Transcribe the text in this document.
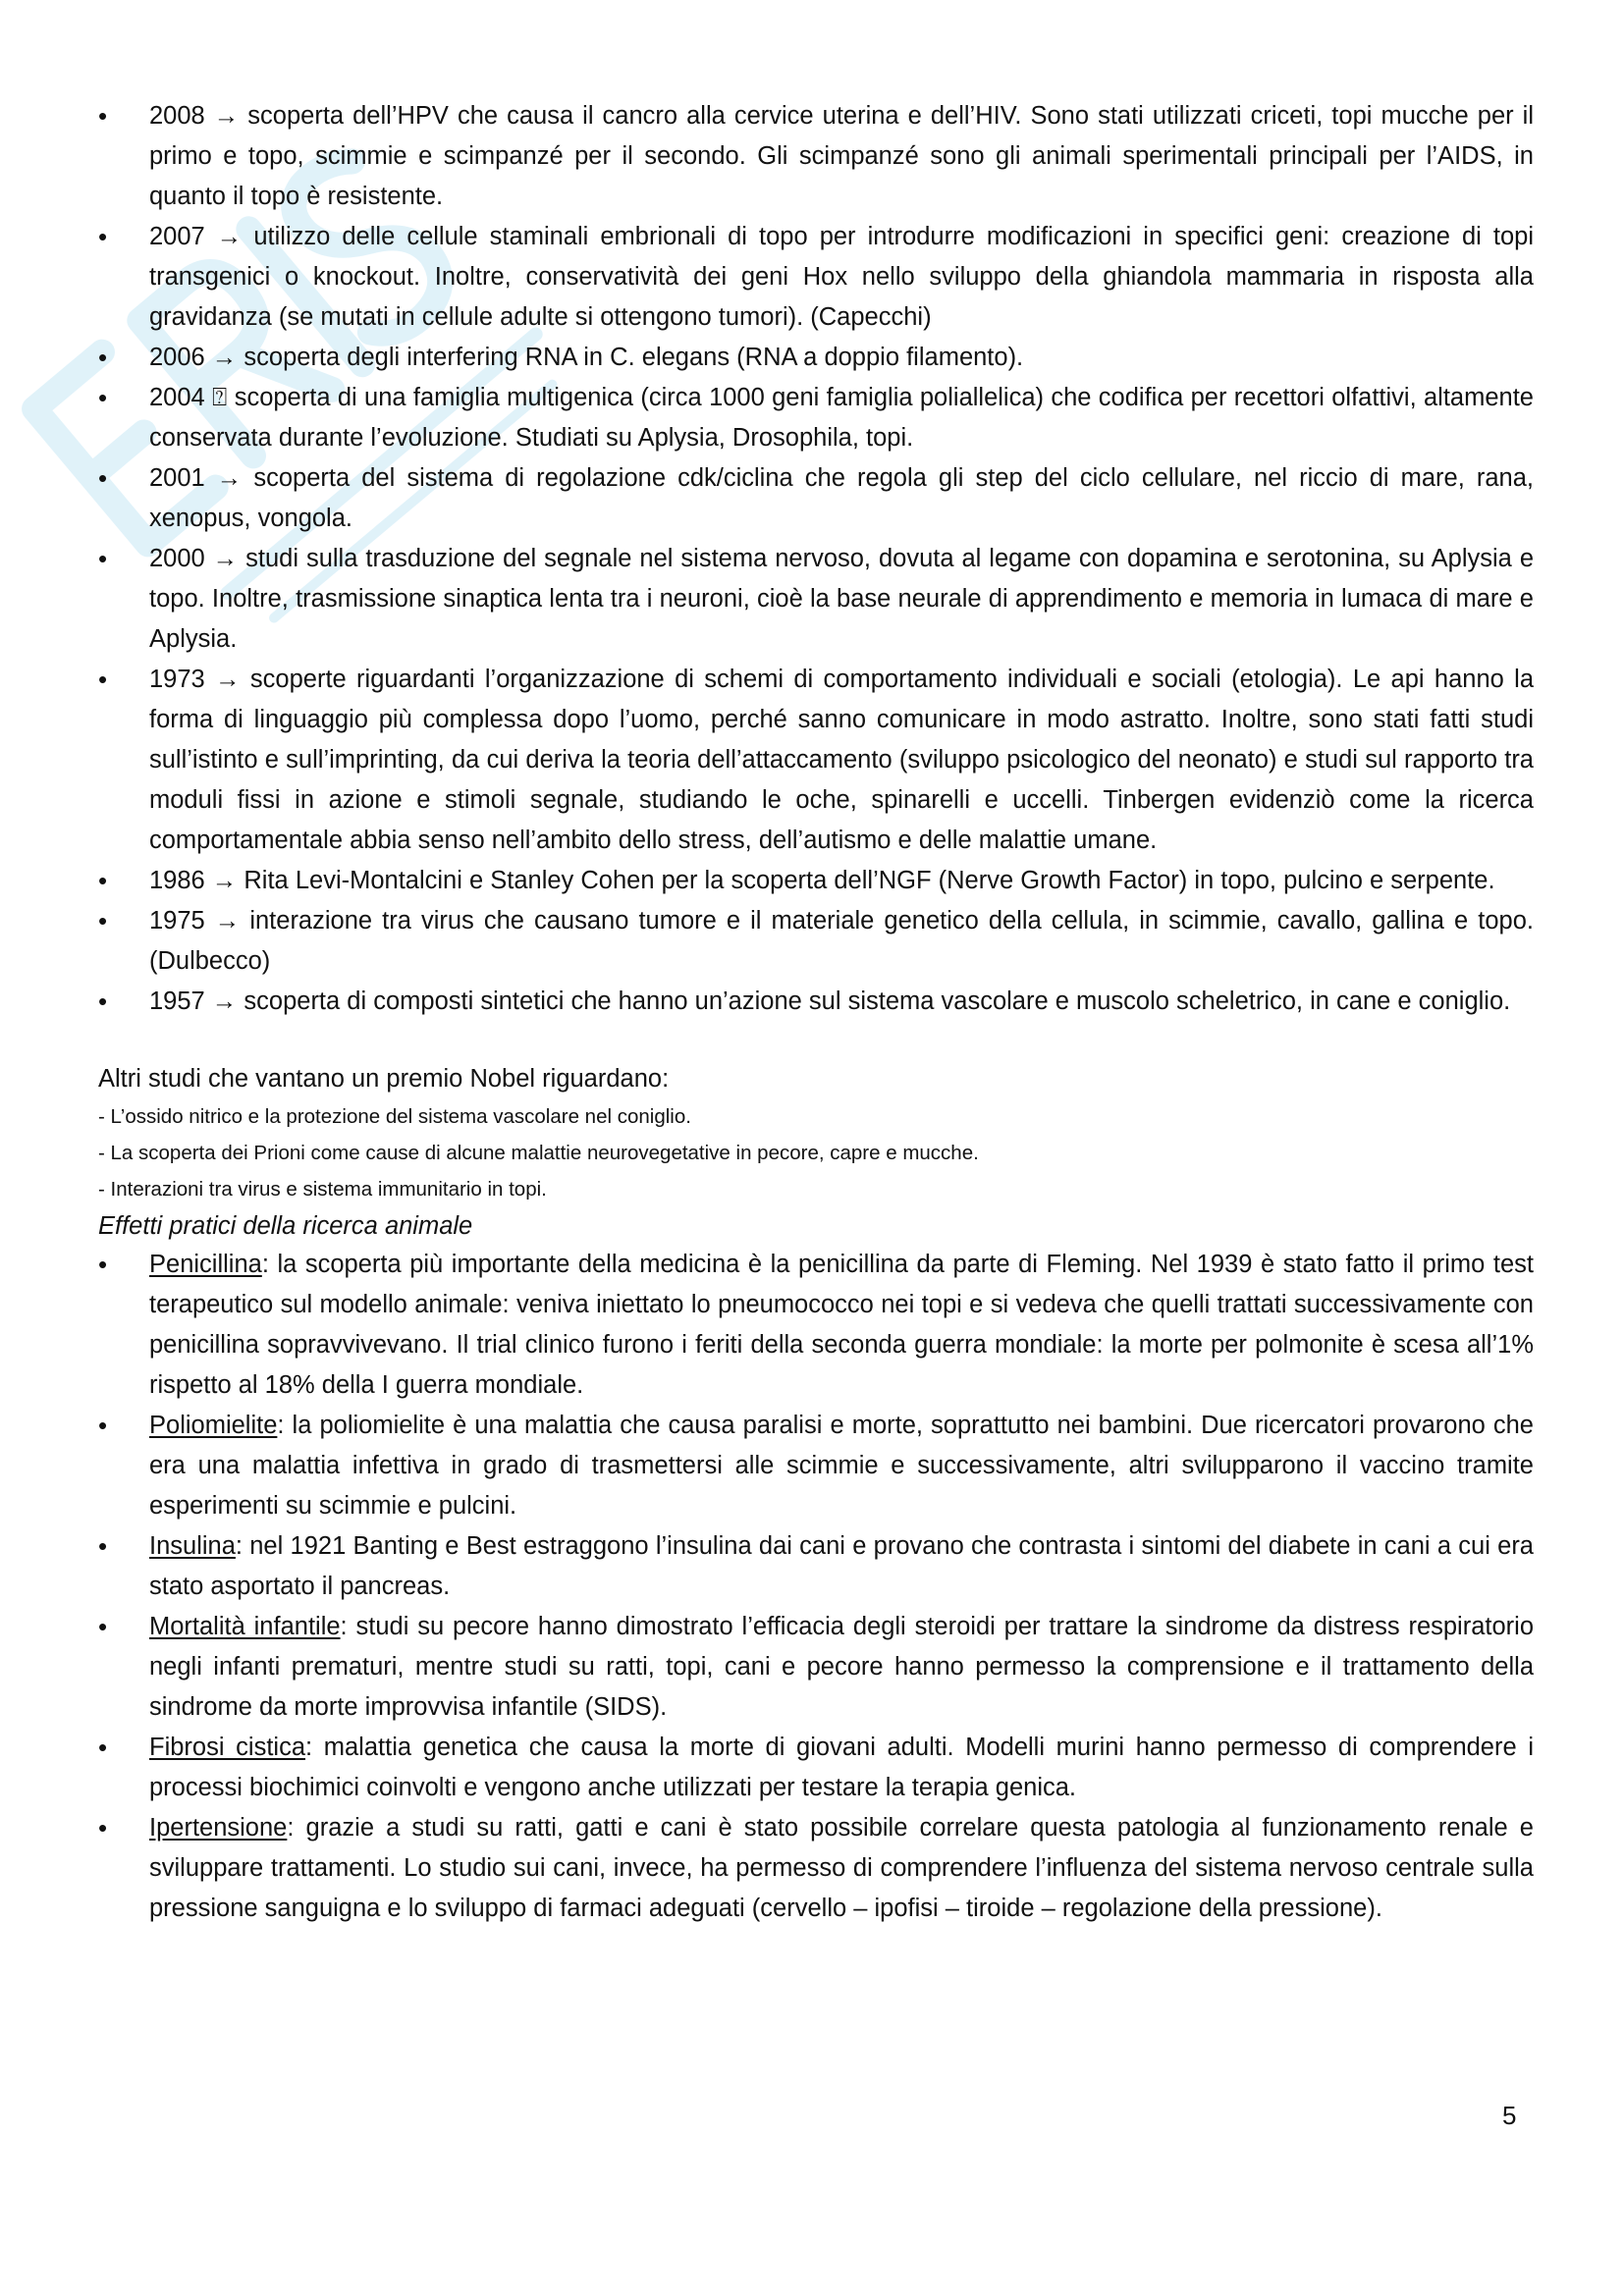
• 2008 → scoperta dell’HPV che causa il cancro alla cervice uterina e dell’HIV. Sono stati utilizzati criceti, topi mucche per il primo e topo, scimmie e scimpanzé per il secondo. Gli scimpanzé sono gli animali sperimentali principali per l’AIDS, in quanto il topo è resistente.
• 2007 → utilizzo delle cellule staminali embrionali di topo per introdurre modificazioni in specifici geni: creazione di topi transgenici o knockout. Inoltre, conservatività dei geni Hox nello sviluppo della ghiandola mammaria in risposta alla gravidanza (se mutati in cellule adulte si ottengono tumori). (Capecchi)
• 2006 → scoperta degli interfering RNA in C. elegans (RNA a doppio filamento).
• 2004 ⍰ scoperta di una famiglia multigenica (circa 1000 geni famiglia poliallelica) che codifica per recettori olfattivi, altamente conservata durante l’evoluzione. Studiati su Aplysia, Drosophila, topi.
• 2001 → scoperta del sistema di regolazione cdk/ciclina che regola gli step del ciclo cellulare, nel riccio di mare, rana, xenopus, vongola.
• 2000 → studi sulla trasduzione del segnale nel sistema nervoso, dovuta al legame con dopamina e serotonina, su Aplysia e topo. Inoltre, trasmissione sinaptica lenta tra i neuroni, cioè la base neurale di apprendimento e memoria in lumaca di mare e Aplysia.
• 1973 → scoperte riguardanti l’organizzazione di schemi di comportamento individuali e sociali (etologia). Le api hanno la forma di linguaggio più complessa dopo l’uomo, perché sanno comunicare in modo astratto. Inoltre, sono stati fatti studi sull’istinto e sull’imprinting, da cui deriva la teoria dell’attaccamento (sviluppo psicologico del neonato) e studi sul rapporto tra moduli fissi in azione e stimoli segnale, studiando le oche, spinarelli e uccelli. Tinbergen evidenziò come la ricerca comportamentale abbia senso nell’ambito dello stress, dell’autismo e delle malattie umane.
• 1986 → Rita Levi-Montalcini e Stanley Cohen per la scoperta dell’NGF (Nerve Growth Factor) in topo, pulcino e serpente.
• 1975 → interazione tra virus che causano tumore e il materiale genetico della cellula, in scimmie, cavallo, gallina e topo. (Dulbecco)
• 1957 → scoperta di composti sintetici che hanno un’azione sul sistema vascolare e muscolo scheletrico, in cane e coniglio.

Altri studi che vantano un premio Nobel riguardano:

- L’ossido nitrico e la protezione del sistema vascolare nel coniglio.

- La scoperta dei Prioni come cause di alcune malattie neurovegetative in pecore, capre e mucche.

- Interazioni tra virus e sistema immunitario in topi.

Effetti pratici della ricerca animale

• Penicillina: la scoperta più importante della medicina è la penicillina da parte di Fleming. Nel 1939 è stato fatto il primo test terapeutico sul modello animale: veniva iniettato lo pneumococco nei topi e si vedeva che quelli trattati successivamente con penicillina sopravvivevano. Il trial clinico furono i feriti della seconda guerra mondiale: la morte per polmonite è scesa all’1% rispetto al 18% della I guerra mondiale.
• Poliomielite: la poliomielite è una malattia che causa paralisi e morte, soprattutto nei bambini. Due ricercatori provarono che era una malattia infettiva in grado di trasmettersi alle scimmie e successivamente, altri svilupparono il vaccino tramite esperimenti su scimmie e pulcini.
• Insulina: nel 1921 Banting e Best estraggono l’insulina dai cani e provano che contrasta i sintomi del diabete in cani a cui era stato asportato il pancreas.
• Mortalità infantile: studi su pecore hanno dimostrato l’efficacia degli steroidi per trattare la sindrome da distress respiratorio negli infanti prematuri, mentre studi su ratti, topi, cani e pecore hanno permesso la comprensione e il trattamento della sindrome da morte improvvisa infantile (SIDS).
• Fibrosi cistica: malattia genetica che causa la morte di giovani adulti. Modelli murini hanno permesso di comprendere i processi biochimici coinvolti e vengono anche utilizzati per testare la terapia genica.
• Ipertensione: grazie a studi su ratti, gatti e cani è stato possibile correlare questa patologia al funzionamento renale e sviluppare trattamenti. Lo studio sui cani, invece, ha permesso di comprendere l’influenza del sistema nervoso centrale sulla pressione sanguigna e lo sviluppo di farmaci adeguati (cervello – ipofisi – tiroide – regolazione della pressione).
5
